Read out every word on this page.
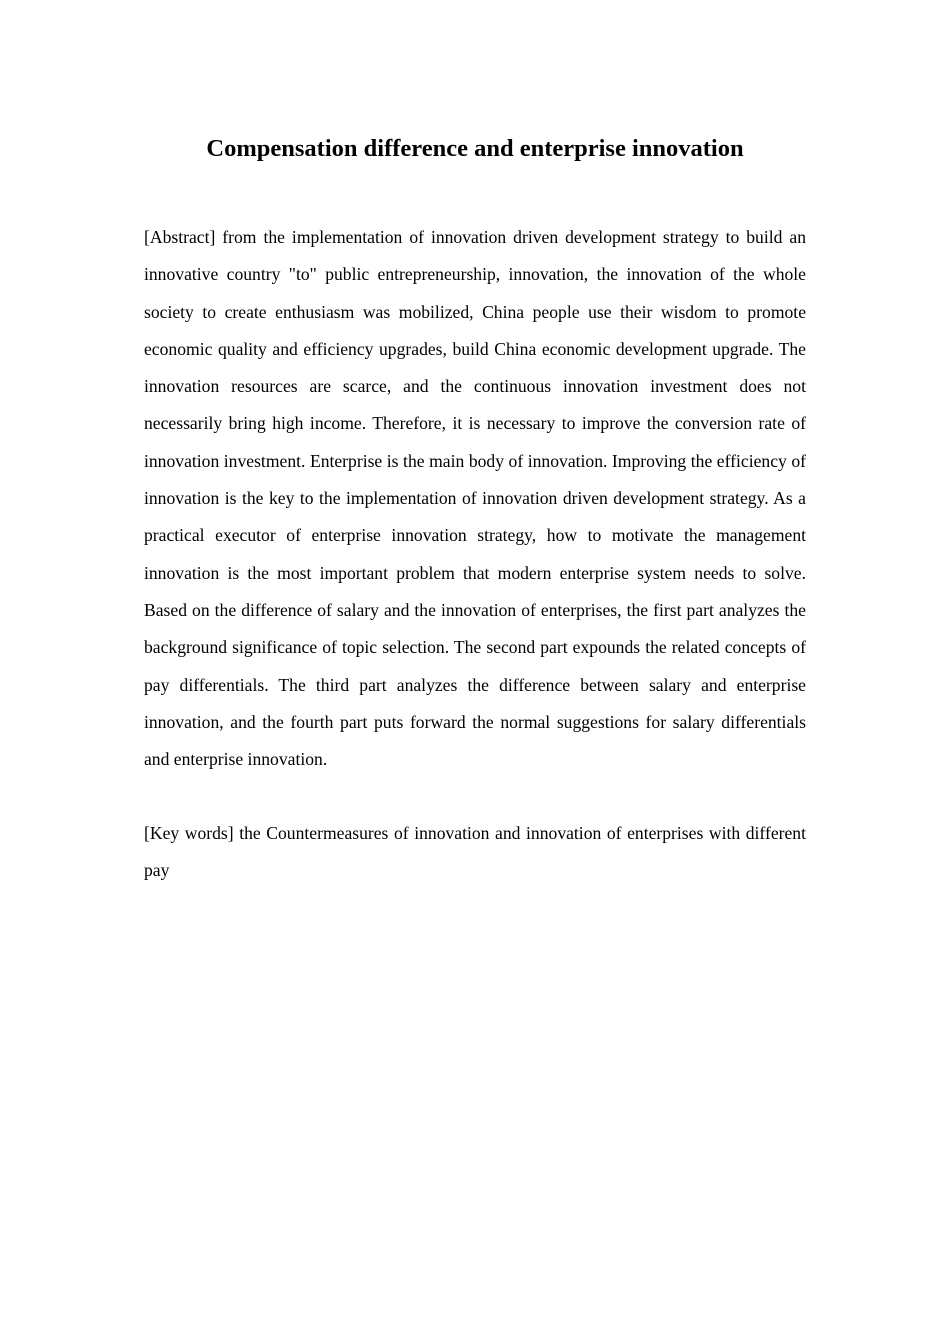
Compensation difference and enterprise innovation

[Abstract] from the implementation of innovation driven development strategy to build an innovative country "to" public entrepreneurship, innovation, the innovation of the whole society to create enthusiasm was mobilized, China people use their wisdom to promote economic quality and efficiency upgrades, build China economic development upgrade. The innovation resources are scarce, and the continuous innovation investment does not necessarily bring high income. Therefore, it is necessary to improve the conversion rate of innovation investment. Enterprise is the main body of innovation. Improving the efficiency of innovation is the key to the implementation of innovation driven development strategy. As a practical executor of enterprise innovation strategy, how to motivate the management innovation is the most important problem that modern enterprise system needs to solve. Based on the difference of salary and the innovation of enterprises, the first part analyzes the background significance of topic selection. The second part expounds the related concepts of pay differentials. The third part analyzes the difference between salary and enterprise innovation, and the fourth part puts forward the normal suggestions for salary differentials and enterprise innovation.

[Key words] the Countermeasures of innovation and innovation of enterprises with different pay
